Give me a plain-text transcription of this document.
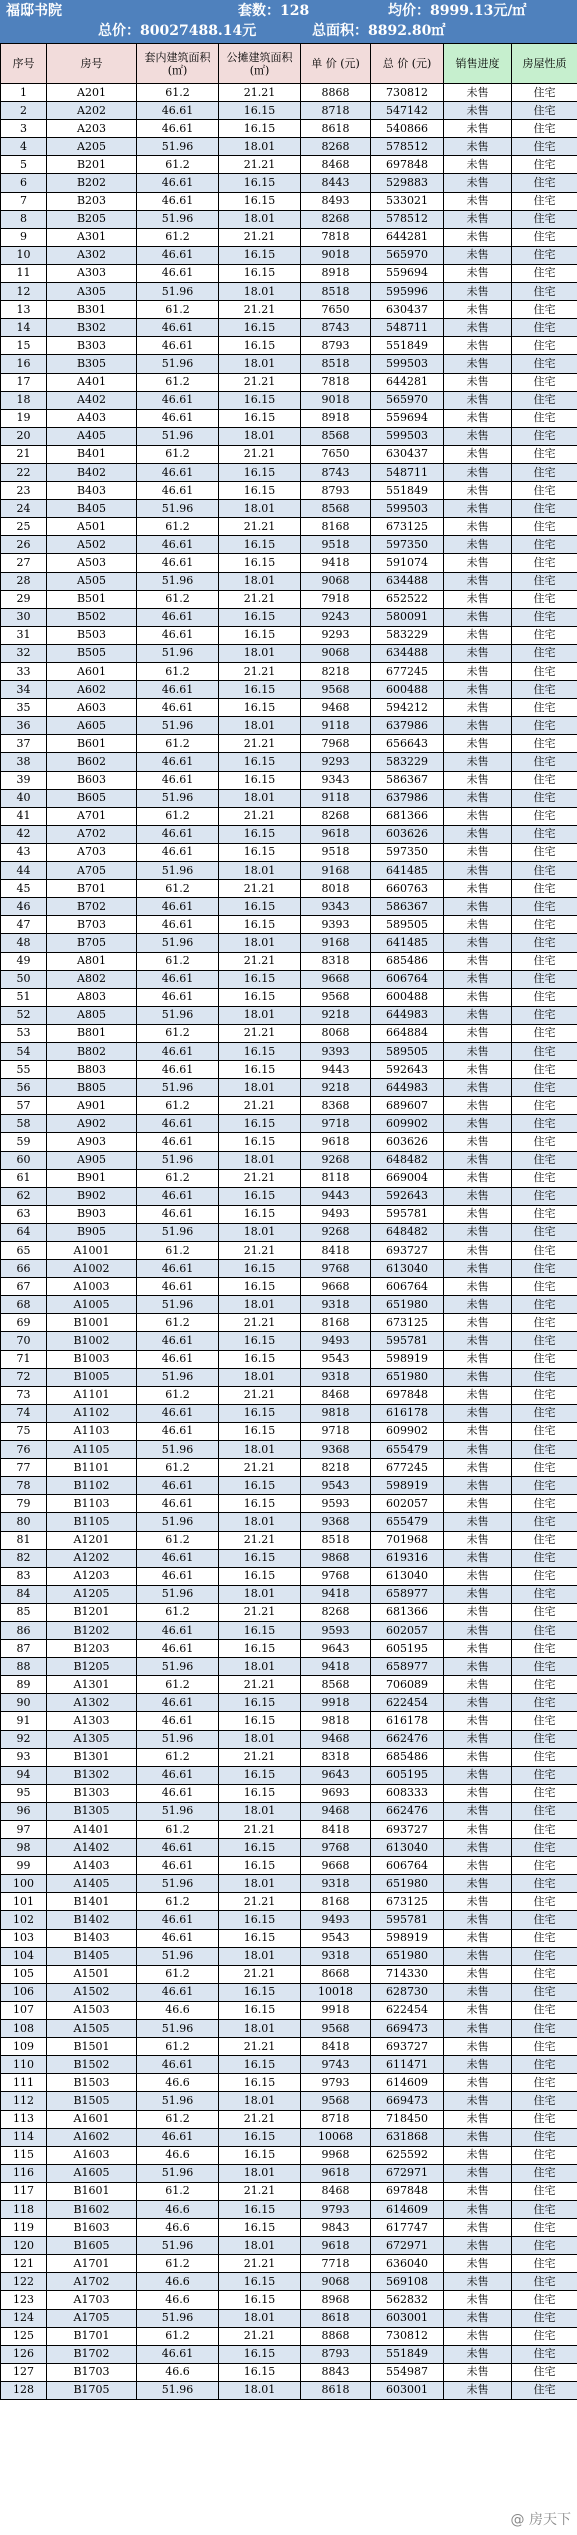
福邸书院	套数：128	均价：8999.13元/㎡
总价：80027488.14元	总面积：8892.80㎡
序号	房号	套内建筑面积(㎡)	公摊建筑面积(㎡)	单 价 (元)	总 价 (元)	销售进度	房屋性质
1	A201	61.2	21.21	8868	730812	未售	住宅
2	A202	46.61	16.15	8718	547142	未售	住宅
3	A203	46.61	16.15	8618	540866	未售	住宅
4	A205	51.96	18.01	8268	578512	未售	住宅
5	B201	61.2	21.21	8468	697848	未售	住宅
6	B202	46.61	16.15	8443	529883	未售	住宅
7	B203	46.61	16.15	8493	533021	未售	住宅
8	B205	51.96	18.01	8268	578512	未售	住宅
9	A301	61.2	21.21	7818	644281	未售	住宅
10	A302	46.61	16.15	9018	565970	未售	住宅
11	A303	46.61	16.15	8918	559694	未售	住宅
12	A305	51.96	18.01	8518	595996	未售	住宅
13	B301	61.2	21.21	7650	630437	未售	住宅
14	B302	46.61	16.15	8743	548711	未售	住宅
15	B303	46.61	16.15	8793	551849	未售	住宅
16	B305	51.96	18.01	8518	599503	未售	住宅
17	A401	61.2	21.21	7818	644281	未售	住宅
18	A402	46.61	16.15	9018	565970	未售	住宅
19	A403	46.61	16.15	8918	559694	未售	住宅
20	A405	51.96	18.01	8568	599503	未售	住宅
21	B401	61.2	21.21	7650	630437	未售	住宅
22	B402	46.61	16.15	8743	548711	未售	住宅
23	B403	46.61	16.15	8793	551849	未售	住宅
24	B405	51.96	18.01	8568	599503	未售	住宅
25	A501	61.2	21.21	8168	673125	未售	住宅
26	A502	46.61	16.15	9518	597350	未售	住宅
27	A503	46.61	16.15	9418	591074	未售	住宅
28	A505	51.96	18.01	9068	634488	未售	住宅
29	B501	61.2	21.21	7918	652522	未售	住宅
30	B502	46.61	16.15	9243	580091	未售	住宅
31	B503	46.61	16.15	9293	583229	未售	住宅
32	B505	51.96	18.01	9068	634488	未售	住宅
33	A601	61.2	21.21	8218	677245	未售	住宅
34	A602	46.61	16.15	9568	600488	未售	住宅
35	A603	46.61	16.15	9468	594212	未售	住宅
36	A605	51.96	18.01	9118	637986	未售	住宅
37	B601	61.2	21.21	7968	656643	未售	住宅
38	B602	46.61	16.15	9293	583229	未售	住宅
39	B603	46.61	16.15	9343	586367	未售	住宅
40	B605	51.96	18.01	9118	637986	未售	住宅
41	A701	61.2	21.21	8268	681366	未售	住宅
42	A702	46.61	16.15	9618	603626	未售	住宅
43	A703	46.61	16.15	9518	597350	未售	住宅
44	A705	51.96	18.01	9168	641485	未售	住宅
45	B701	61.2	21.21	8018	660763	未售	住宅
46	B702	46.61	16.15	9343	586367	未售	住宅
47	B703	46.61	16.15	9393	589505	未售	住宅
48	B705	51.96	18.01	9168	641485	未售	住宅
49	A801	61.2	21.21	8318	685486	未售	住宅
50	A802	46.61	16.15	9668	606764	未售	住宅
51	A803	46.61	16.15	9568	600488	未售	住宅
52	A805	51.96	18.01	9218	644983	未售	住宅
53	B801	61.2	21.21	8068	664884	未售	住宅
54	B802	46.61	16.15	9393	589505	未售	住宅
55	B803	46.61	16.15	9443	592643	未售	住宅
56	B805	51.96	18.01	9218	644983	未售	住宅
57	A901	61.2	21.21	8368	689607	未售	住宅
58	A902	46.61	16.15	9718	609902	未售	住宅
59	A903	46.61	16.15	9618	603626	未售	住宅
60	A905	51.96	18.01	9268	648482	未售	住宅
61	B901	61.2	21.21	8118	669004	未售	住宅
62	B902	46.61	16.15	9443	592643	未售	住宅
63	B903	46.61	16.15	9493	595781	未售	住宅
64	B905	51.96	18.01	9268	648482	未售	住宅
65	A1001	61.2	21.21	8418	693727	未售	住宅
66	A1002	46.61	16.15	9768	613040	未售	住宅
67	A1003	46.61	16.15	9668	606764	未售	住宅
68	A1005	51.96	18.01	9318	651980	未售	住宅
69	B1001	61.2	21.21	8168	673125	未售	住宅
70	B1002	46.61	16.15	9493	595781	未售	住宅
71	B1003	46.61	16.15	9543	598919	未售	住宅
72	B1005	51.96	18.01	9318	651980	未售	住宅
73	A1101	61.2	21.21	8468	697848	未售	住宅
74	A1102	46.61	16.15	9818	616178	未售	住宅
75	A1103	46.61	16.15	9718	609902	未售	住宅
76	A1105	51.96	18.01	9368	655479	未售	住宅
77	B1101	61.2	21.21	8218	677245	未售	住宅
78	B1102	46.61	16.15	9543	598919	未售	住宅
79	B1103	46.61	16.15	9593	602057	未售	住宅
80	B1105	51.96	18.01	9368	655479	未售	住宅
81	A1201	61.2	21.21	8518	701968	未售	住宅
82	A1202	46.61	16.15	9868	619316	未售	住宅
83	A1203	46.61	16.15	9768	613040	未售	住宅
84	A1205	51.96	18.01	9418	658977	未售	住宅
85	B1201	61.2	21.21	8268	681366	未售	住宅
86	B1202	46.61	16.15	9593	602057	未售	住宅
87	B1203	46.61	16.15	9643	605195	未售	住宅
88	B1205	51.96	18.01	9418	658977	未售	住宅
89	A1301	61.2	21.21	8568	706089	未售	住宅
90	A1302	46.61	16.15	9918	622454	未售	住宅
91	A1303	46.61	16.15	9818	616178	未售	住宅
92	A1305	51.96	18.01	9468	662476	未售	住宅
93	B1301	61.2	21.21	8318	685486	未售	住宅
94	B1302	46.61	16.15	9643	605195	未售	住宅
95	B1303	46.61	16.15	9693	608333	未售	住宅
96	B1305	51.96	18.01	9468	662476	未售	住宅
97	A1401	61.2	21.21	8418	693727	未售	住宅
98	A1402	46.61	16.15	9768	613040	未售	住宅
99	A1403	46.61	16.15	9668	606764	未售	住宅
100	A1405	51.96	18.01	9318	651980	未售	住宅
101	B1401	61.2	21.21	8168	673125	未售	住宅
102	B1402	46.61	16.15	9493	595781	未售	住宅
103	B1403	46.61	16.15	9543	598919	未售	住宅
104	B1405	51.96	18.01	9318	651980	未售	住宅
105	A1501	61.2	21.21	8668	714330	未售	住宅
106	A1502	46.61	16.15	10018	628730	未售	住宅
107	A1503	46.6	16.15	9918	622454	未售	住宅
108	A1505	51.96	18.01	9568	669473	未售	住宅
109	B1501	61.2	21.21	8418	693727	未售	住宅
110	B1502	46.61	16.15	9743	611471	未售	住宅
111	B1503	46.6	16.15	9793	614609	未售	住宅
112	B1505	51.96	18.01	9568	669473	未售	住宅
113	A1601	61.2	21.21	8718	718450	未售	住宅
114	A1602	46.61	16.15	10068	631868	未售	住宅
115	A1603	46.6	16.15	9968	625592	未售	住宅
116	A1605	51.96	18.01	9618	672971	未售	住宅
117	B1601	61.2	21.21	8468	697848	未售	住宅
118	B1602	46.6	16.15	9793	614609	未售	住宅
119	B1603	46.6	16.15	9843	617747	未售	住宅
120	B1605	51.96	18.01	9618	672971	未售	住宅
121	A1701	61.2	21.21	7718	636040	未售	住宅
122	A1702	46.6	16.15	9068	569108	未售	住宅
123	A1703	46.6	16.15	8968	562832	未售	住宅
124	A1705	51.96	18.01	8618	603001	未售	住宅
125	B1701	61.2	21.21	8868	730812	未售	住宅
126	B1702	46.61	16.15	8793	551849	未售	住宅
127	B1703	46.6	16.15	8843	554987	未售	住宅
128	B1705	51.96	18.01	8618	603001	未售	住宅
@ 房天下
